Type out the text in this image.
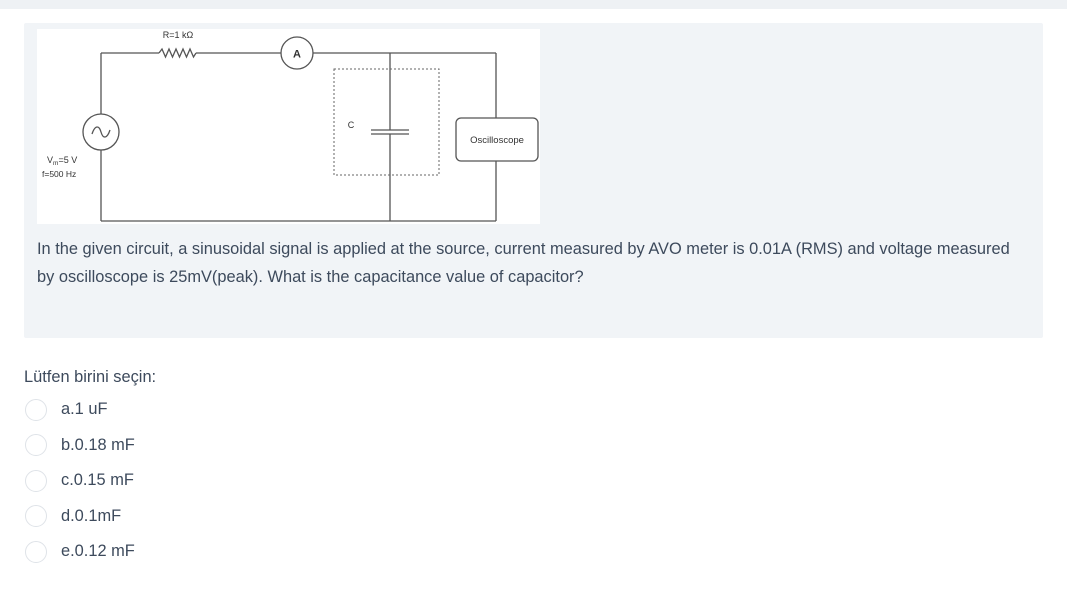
A
R=1 kΩ
C
Oscilloscope
$V_m=5$ V
f=500 Hz
In the given circuit, a sinusoidal signal is applied at the source, current measured by AVO meter is 0.01A (RMS) and voltage measured by oscilloscope is 25mV(peak). What is the capacitance value of capacitor?
Lütfen birini seçin:
a.1 uF
b.0.18 mF
c.0.15 mF
d.0.1mF
e.0.12 mF
